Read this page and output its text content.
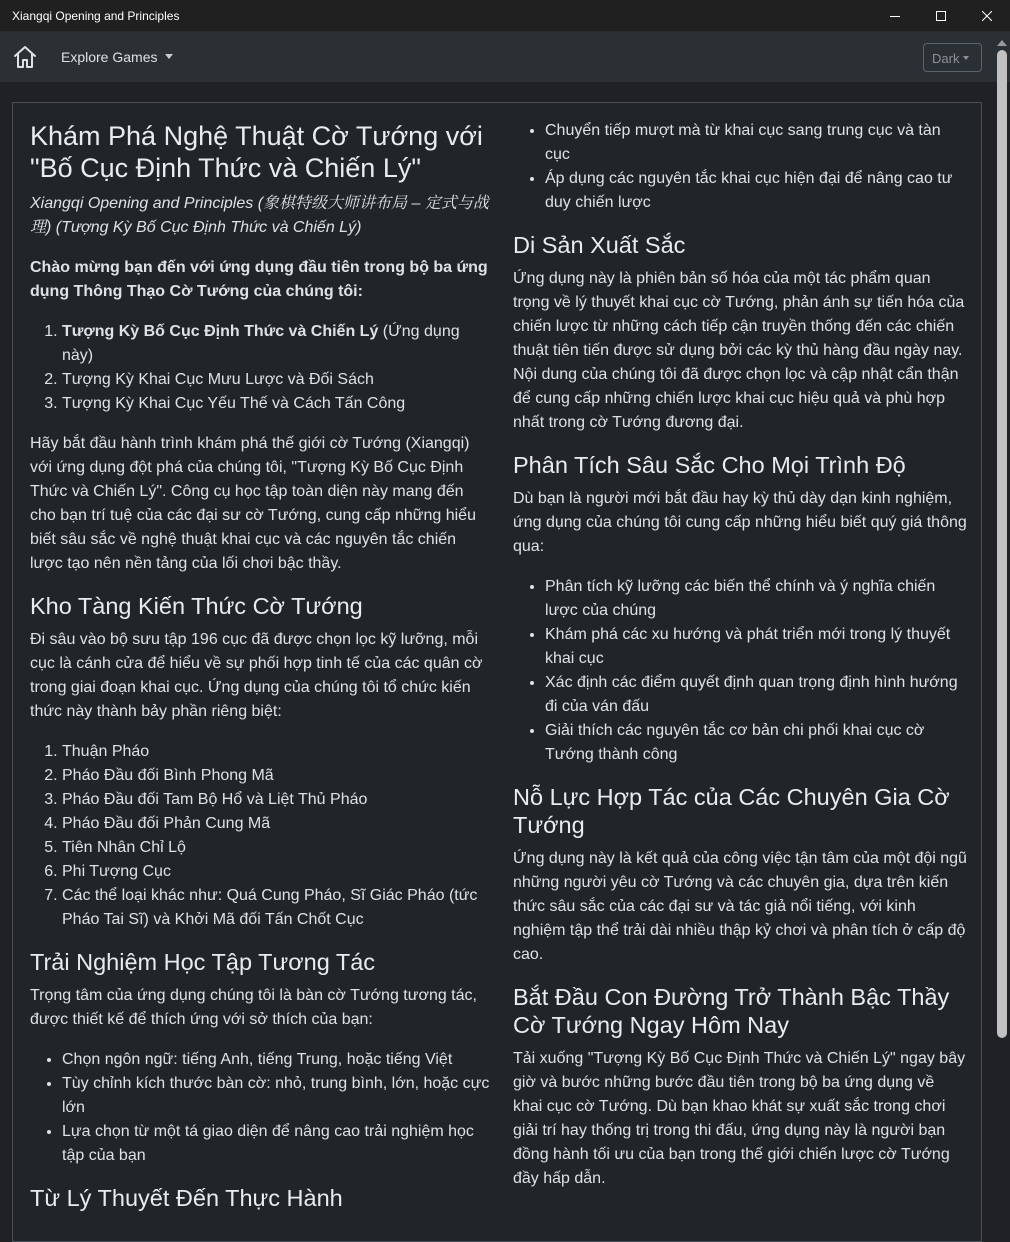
Xiangqi Opening and Principles
Explore Games	Dark
Khám Phá Nghệ Thuật Cờ Tướng với "Bố Cục Định Thức và Chiến Lý"

Xiangqi Opening and Principles (象棋特级大师讲布局 – 定式与战理) (Tượng Kỳ Bố Cục Định Thức và Chiến Lý)

Chào mừng bạn đến với ứng dụng đầu tiên trong bộ ba ứng dụng Thông Thạo Cờ Tướng của chúng tôi:

1. Tượng Kỳ Bố Cục Định Thức và Chiến Lý (Ứng dụng này)
2. Tượng Kỳ Khai Cục Mưu Lược và Đối Sách
3. Tượng Kỳ Khai Cục Yếu Thế và Cách Tấn Công

Hãy bắt đầu hành trình khám phá thế giới cờ Tướng (Xiangqi) với ứng dụng đột phá của chúng tôi, "Tượng Kỳ Bố Cục Định Thức và Chiến Lý". Công cụ học tập toàn diện này mang đến cho bạn trí tuệ của các đại sư cờ Tướng, cung cấp những hiểu biết sâu sắc về nghệ thuật khai cục và các nguyên tắc chiến lược tạo nên nền tảng của lối chơi bậc thầy.

Kho Tàng Kiến Thức Cờ Tướng

Đi sâu vào bộ sưu tập 196 cục đã được chọn lọc kỹ lưỡng, mỗi cục là cánh cửa để hiểu về sự phối hợp tinh tế của các quân cờ trong giai đoạn khai cục. Ứng dụng của chúng tôi tổ chức kiến thức này thành bảy phần riêng biệt:

1. Thuận Pháo
2. Pháo Đầu đối Bình Phong Mã
3. Pháo Đầu đối Tam Bộ Hổ và Liệt Thủ Pháo
4. Pháo Đầu đối Phản Cung Mã
5. Tiên Nhân Chỉ Lộ
6. Phi Tượng Cục
7. Các thể loại khác như: Quá Cung Pháo, Sĩ Giác Pháo (tức Pháo Tai Sĩ) và Khởi Mã đối Tấn Chốt Cục
Trải Nghiệm Học Tập Tương Tác

Trọng tâm của ứng dụng chúng tôi là bàn cờ Tướng tương tác, được thiết kế để thích ứng với sở thích của bạn:

• Chọn ngôn ngữ: tiếng Anh, tiếng Trung, hoặc tiếng Việt
• Tùy chỉnh kích thước bàn cờ: nhỏ, trung bình, lớn, hoặc cực lớn
• Lựa chọn từ một tá giao diện để nâng cao trải nghiệm học tập của bạn
Từ Lý Thuyết Đến Thực Hành
• Chuyển tiếp mượt mà từ khai cục sang trung cục và tàn cục
• Áp dụng các nguyên tắc khai cục hiện đại để nâng cao tư duy chiến lược
Di Sản Xuất Sắc

Ứng dụng này là phiên bản số hóa của một tác phẩm quan trọng về lý thuyết khai cục cờ Tướng, phản ánh sự tiến hóa của chiến lược từ những cách tiếp cận truyền thống đến các chiến thuật tiên tiến được sử dụng bởi các kỳ thủ hàng đầu ngày nay. Nội dung của chúng tôi đã được chọn lọc và cập nhật cẩn thận để cung cấp những chiến lược khai cục hiệu quả và phù hợp nhất trong cờ Tướng đương đại.

Phân Tích Sâu Sắc Cho Mọi Trình Độ

Dù bạn là người mới bắt đầu hay kỳ thủ dày dạn kinh nghiệm, ứng dụng của chúng tôi cung cấp những hiểu biết quý giá thông qua:

• Phân tích kỹ lưỡng các biến thể chính và ý nghĩa chiến lược của chúng
• Khám phá các xu hướng và phát triển mới trong lý thuyết khai cục
• Xác định các điểm quyết định quan trọng định hình hướng đi của ván đấu
• Giải thích các nguyên tắc cơ bản chi phối khai cục cờ Tướng thành công
Nỗ Lực Hợp Tác của Các Chuyên Gia Cờ Tướng

Ứng dụng này là kết quả của công việc tận tâm của một đội ngũ những người yêu cờ Tướng và các chuyên gia, dựa trên kiến thức sâu sắc của các đại sư và tác giả nổi tiếng, với kinh nghiệm tập thể trải dài nhiều thập kỷ chơi và phân tích ở cấp độ cao.

Bắt Đầu Con Đường Trở Thành Bậc Thầy Cờ Tướng Ngay Hôm Nay

Tải xuống "Tượng Kỳ Bố Cục Định Thức và Chiến Lý" ngay bây giờ và bước những bước đầu tiên trong bộ ba ứng dụng về khai cục cờ Tướng. Dù bạn khao khát sự xuất sắc trong chơi giải trí hay thống trị trong thi đấu, ứng dụng này là người bạn đồng hành tối ưu của bạn trong thế giới chiến lược cờ Tướng đầy hấp dẫn.
